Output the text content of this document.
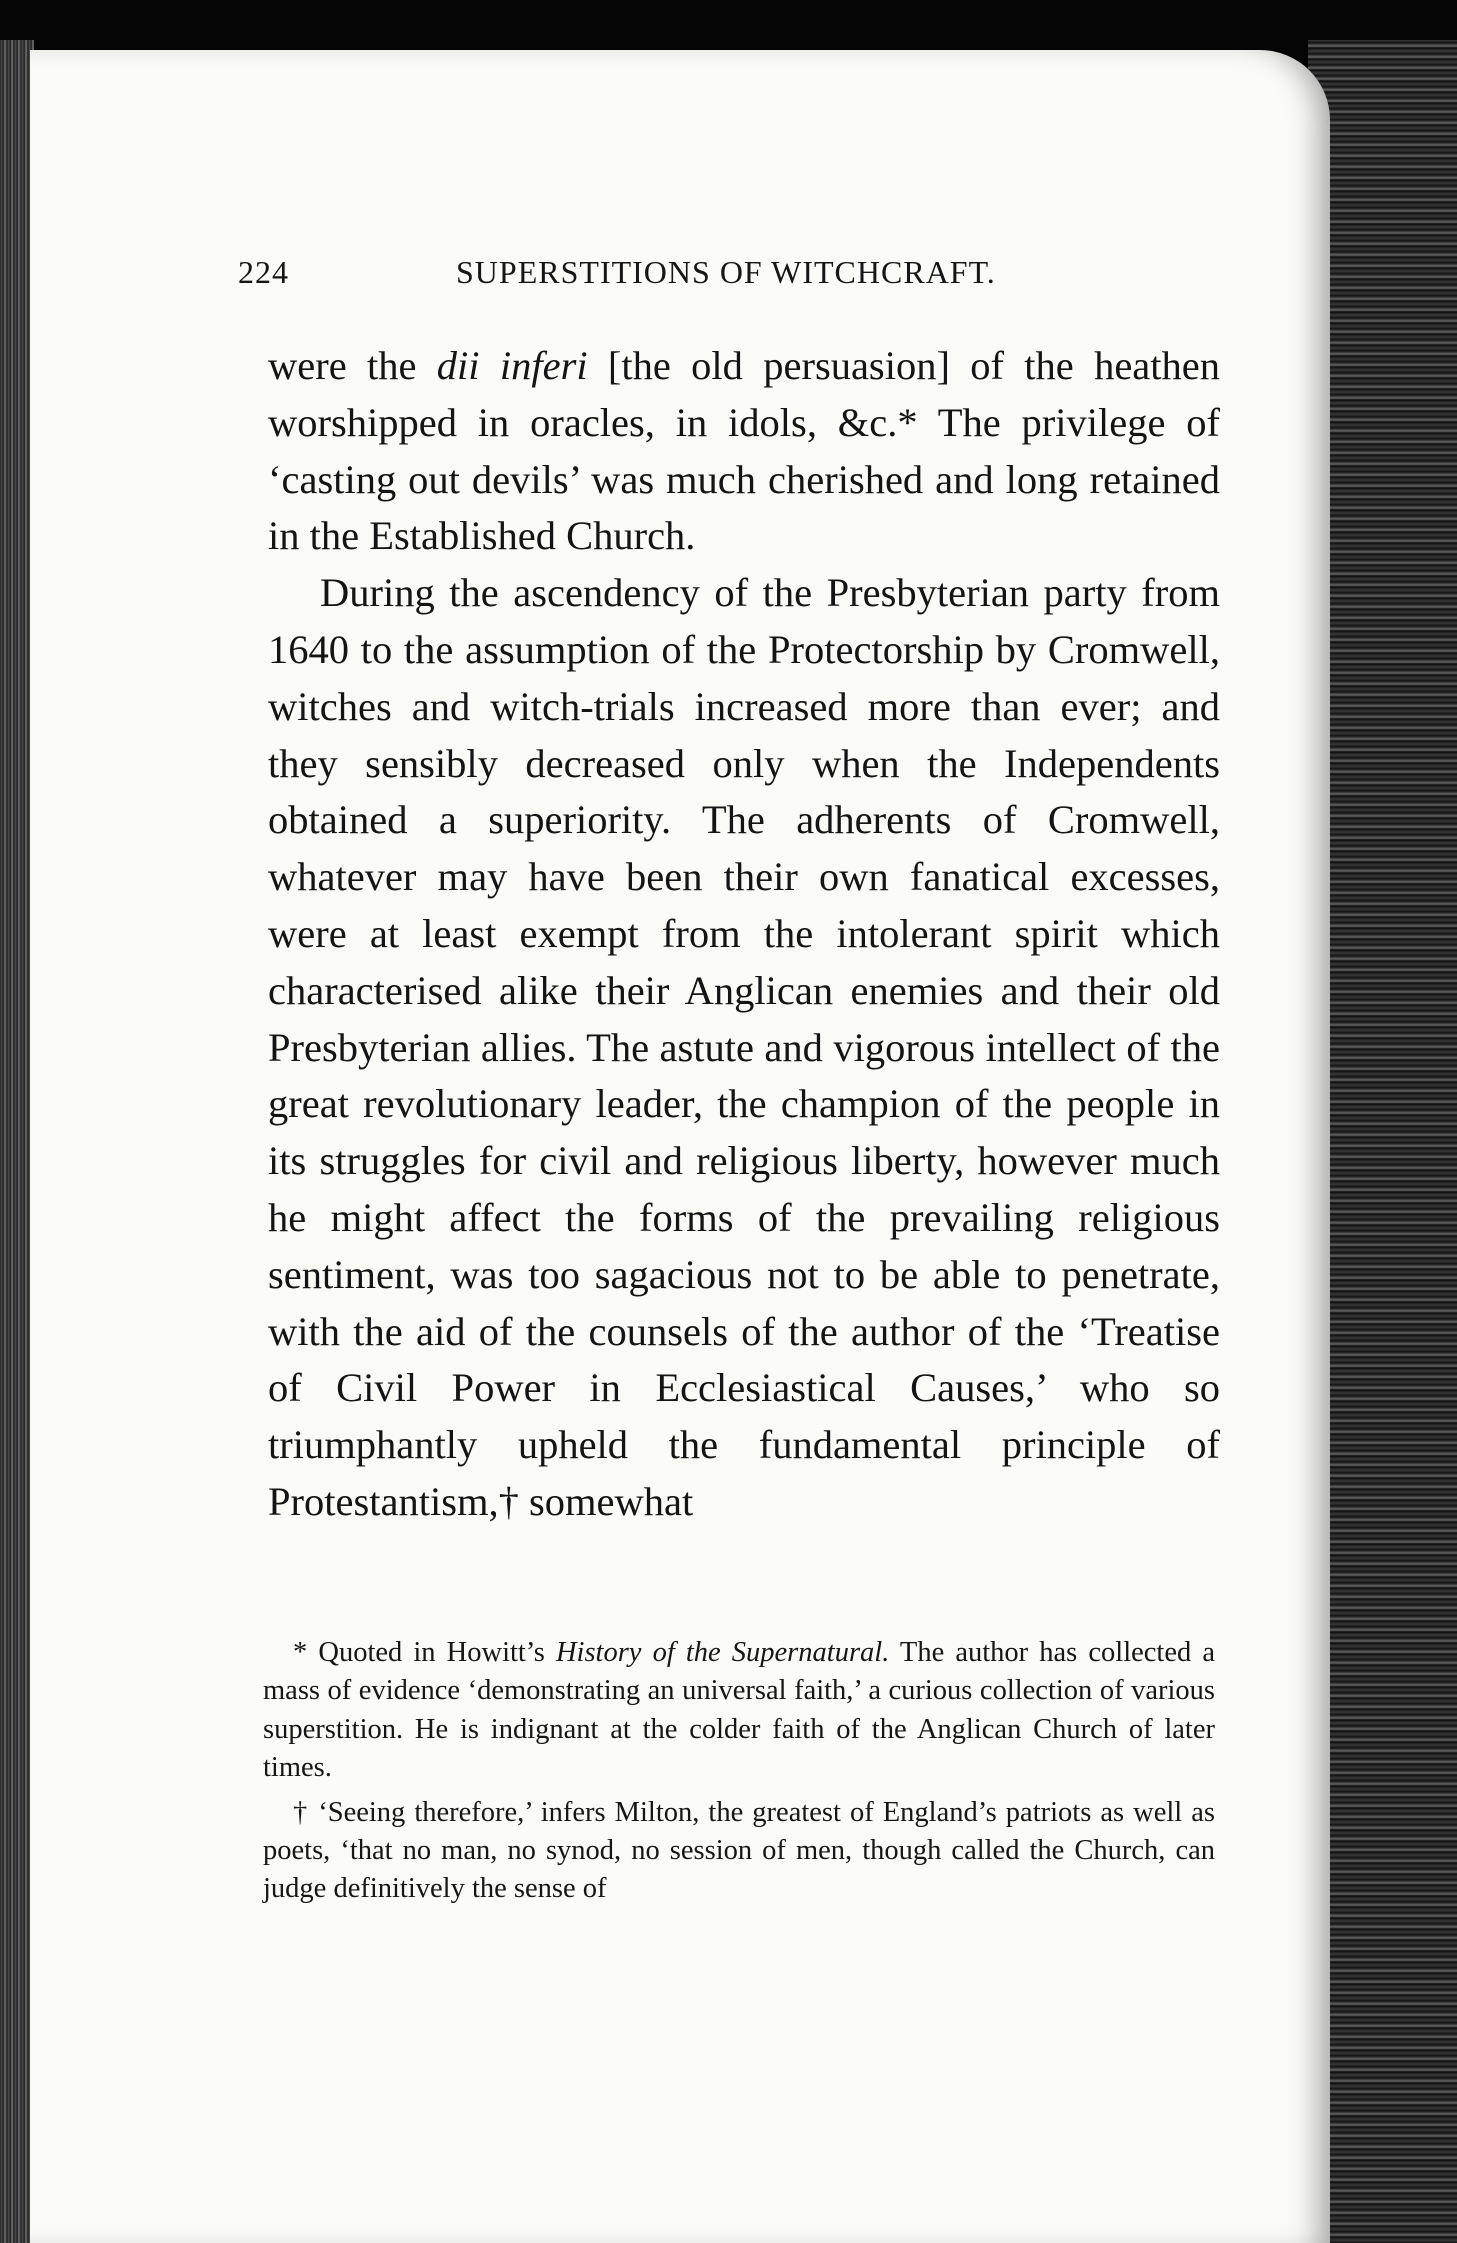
224	SUPERSTITIONS OF WITCHCRAFT.

were the dii inferi [the old persuasion] of the heathen worshipped in oracles, in idols, &c.* The privilege of ‘casting out devils’ was much cherished and long retained in the Established Church.

During the ascendency of the Presbyterian party from 1640 to the assumption of the Protectorship by Cromwell, witches and witch-trials increased more than ever; and they sensibly decreased only when the Independents obtained a superiority. The adherents of Cromwell, whatever may have been their own fanatical excesses, were at least exempt from the intolerant spirit which characterised alike their Anglican enemies and their old Presbyterian allies. The astute and vigorous intellect of the great revolutionary leader, the champion of the people in its struggles for civil and religious liberty, however much he might affect the forms of the prevailing religious sentiment, was too sagacious not to be able to penetrate, with the aid of the counsels of the author of the ‘Treatise of Civil Power in Ecclesiastical Causes,’ who so triumphantly upheld the fundamental principle of Protestantism,† somewhat

* Quoted in Howitt’s History of the Supernatural. The author has collected a mass of evidence ‘demonstrating an universal faith,’ a curious collection of various superstition. He is indignant at the colder faith of the Anglican Church of later times.

† ‘Seeing therefore,’ infers Milton, the greatest of England’s patriots as well as poets, ‘that no man, no synod, no session of men, though called the Church, can judge definitively the sense of
